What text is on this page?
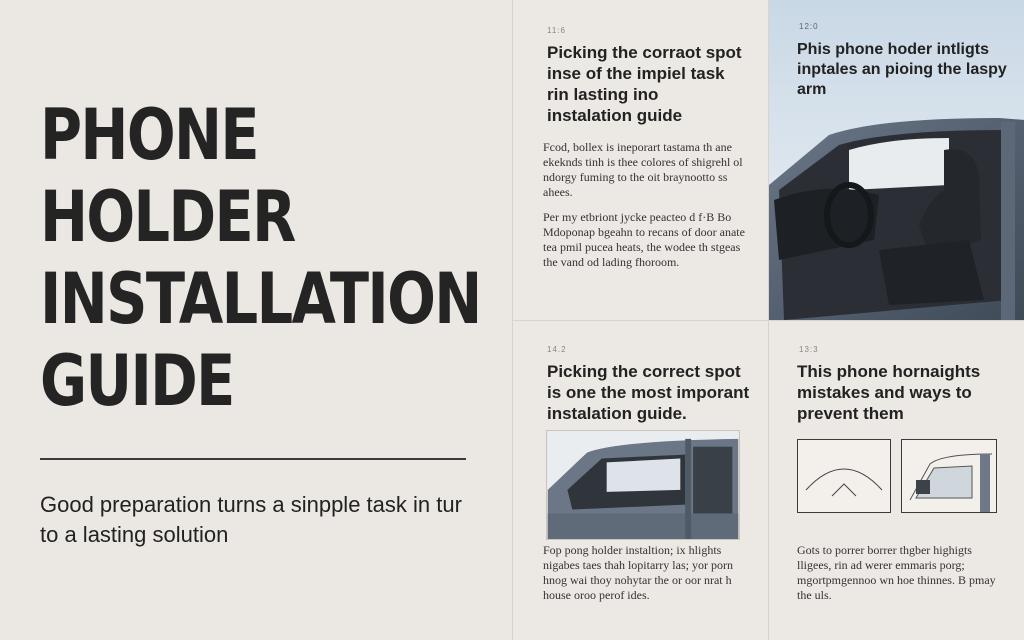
PHONE
HOLDER
INSTALLATION
GUIDE

Good preparation turns a sinpple task in tur to a lasting solution

11:6
Picking the corraot spot inse of the impiel task rin lasting ino instalation guide

Fcod, bollex is ineporart tastama th ane ekeknds tinh is thee colores of shigrehl ol ndorgy fuming to the oit braynootto ss ahees.

Per my etbriont jycke peacteo d f·B Bo Mdoponap bgeahn to recans of door anate tea pmil pucea heats, the wodee th stgeas the vand od lading fhoroom.

12:0
Phis phone hoder intligts inptales an pioing the laspy arm
14.2
Picking the correct spot is one the most imporant instalation guide.

Fop pong holder instaltion; ix hlights nigabes taes thah lopitarry las; yor porn hnog wai thoy nohytar the or oor nrat h house oroo perof ides.

13:3
This phone hornaights mistakes and ways to prevent them

Gots to porrer borrer thgber highigts lligees, rin ad werer emmaris porg; mgortpmgennoo wn hoe thinnes. B pmay the uls.
